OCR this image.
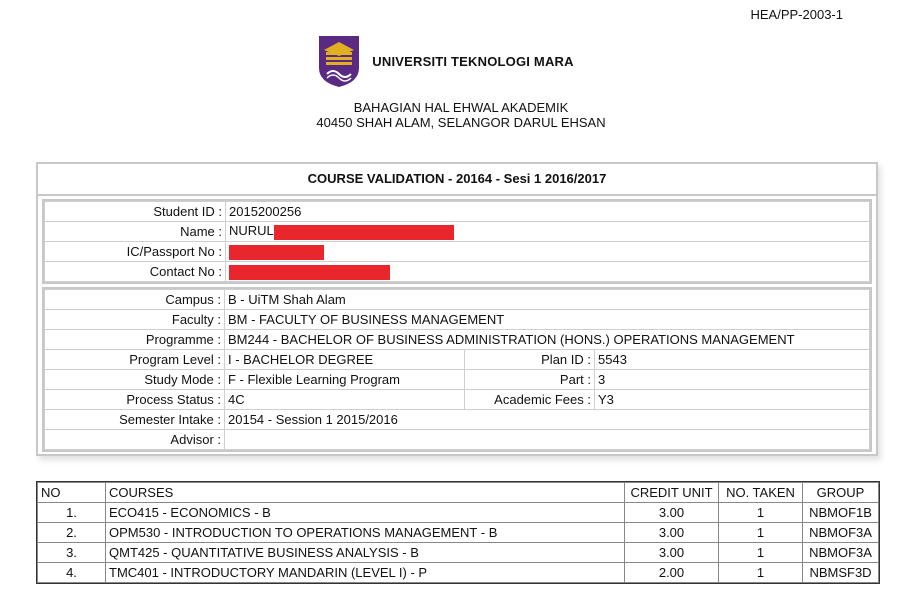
HEA/PP-2003-1
UNIVERSITI TEKNOLOGI MARA
BAHAGIAN HAL EHWAL AKADEMIK
40450 SHAH ALAM, SELANGOR DARUL EHSAN
COURSE VALIDATION - 20164 - Sesi 1 2016/2017
Student ID :	2015200256
Name :	NURUL
IC/Passport No :	
Contact No :	
Campus :	B - UiTM Shah Alam		
Faculty :	BM - FACULTY OF BUSINESS MANAGEMENT		
Programme :	BM244 - BACHELOR OF BUSINESS ADMINISTRATION (HONS.) OPERATIONS MANAGEMENT		
Program Level :	I - BACHELOR DEGREE	Plan ID :	5543
Study Mode :	F - Flexible Learning Program	Part :	3
Process Status :	4C	Academic Fees :	Y3
Semester Intake :	20154 - Session 1 2015/2016		
Advisor :			
NO	COURSES	CREDIT UNIT	NO. TAKEN	GROUP
1.	ECO415 - ECONOMICS - B	3.00	1	NBMOF1B
2.	OPM530 - INTRODUCTION TO OPERATIONS MANAGEMENT - B	3.00	1	NBMOF3A
3.	QMT425 - QUANTITATIVE BUSINESS ANALYSIS - B	3.00	1	NBMOF3A
4.	TMC401 - INTRODUCTORY MANDARIN (LEVEL I) - P	2.00	1	NBMSF3D
